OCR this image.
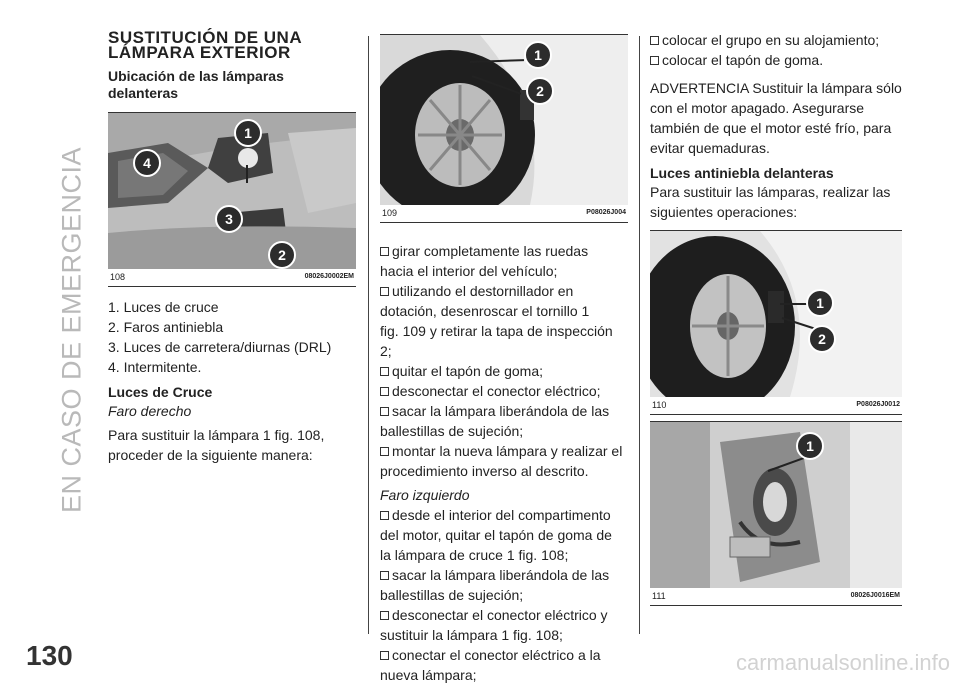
EN CASO DE EMERGENCIA
130	carmanualsonline.info
SUSTITUCIÓN DE UNA
LÁMPARA EXTERIOR
Ubicación de las lámparas
delanteras
1
4
3
2
108	08026J0002EM

1. Luces de cruce

2. Faros antiniebla

3. Luces de carretera/diurnas (DRL)

4. Intermitente.

Luces de Cruce

Faro derecho

Para sustituir la lámpara 1 fig. 108,

proceder de la siguiente manera:

1
2
109	P08026J004

girar completamente las ruedas

hacia el interior del vehículo;

utilizando el destornillador en

dotación, desenroscar el tornillo 1

fig. 109 y retirar la tapa de inspección

2;

quitar el tapón de goma;

desconectar el conector eléctrico;

sacar la lámpara liberándola de las

ballestillas de sujeción;

montar la nueva lámpara y realizar el

procedimiento inverso al descrito.

Faro izquierdo

desde el interior del compartimento

del motor, quitar el tapón de goma de

la lámpara de cruce 1 fig. 108;

sacar la lámpara liberándola de las

ballestillas de sujeción;

desconectar el conector eléctrico y

sustituir la lámpara 1 fig. 108;

conectar el conector eléctrico a la

nueva lámpara;

colocar el grupo en su alojamiento;

colocar el tapón de goma.

ADVERTENCIA Sustituir la lámpara sólo

con el motor apagado. Asegurarse

también de que el motor esté frío, para

evitar quemaduras.

Luces antiniebla delanteras

Para sustituir las lámparas, realizar las

siguientes operaciones:

1
2
110	P08026J0012
1
111	08026J0016EM
